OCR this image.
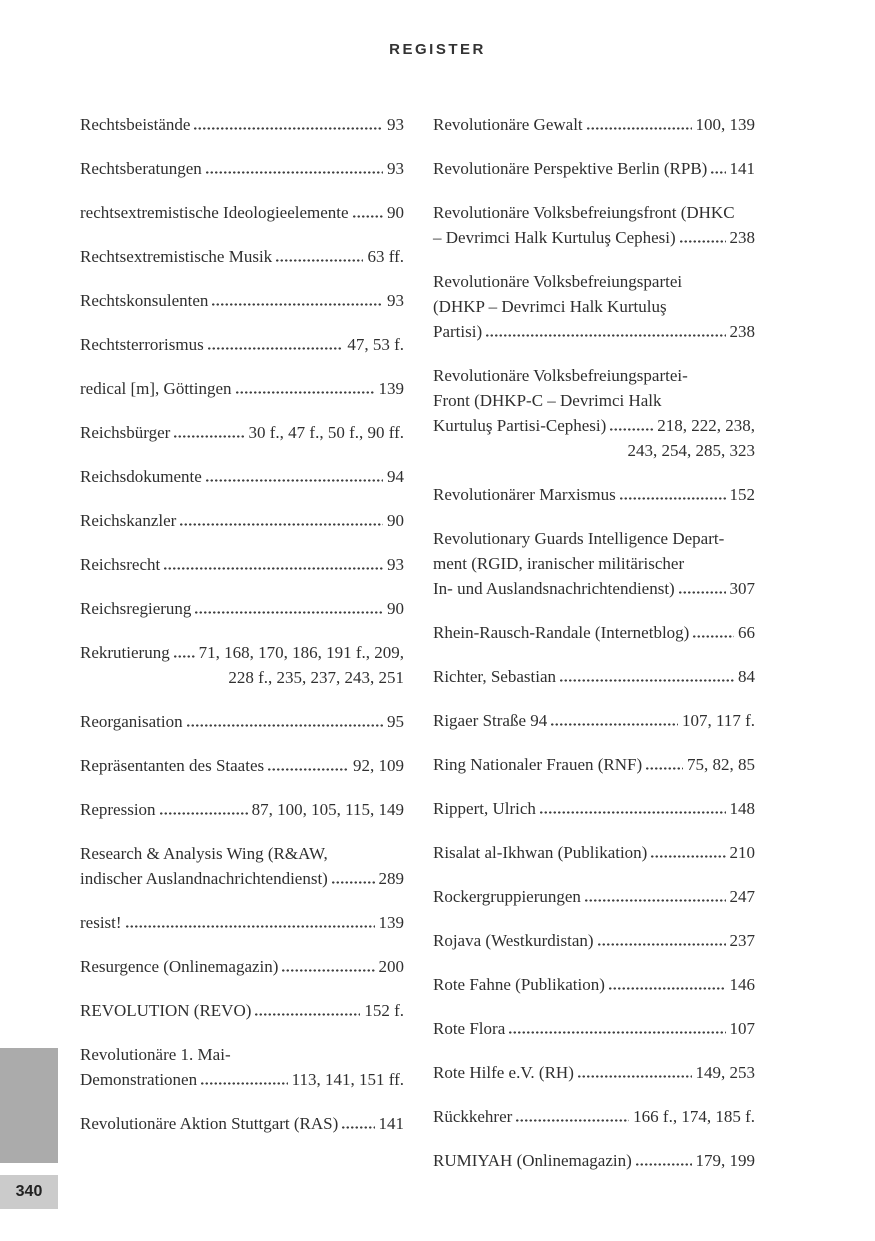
REGISTER
Rechtsbeistände	93
Rechtsberatungen	93
rechtsextremistische Ideologieelemente 90
Rechtsextremistische Musik	63 ff.
Rechtskonsulenten	93
Rechtsterrorismus	47, 53 f.
redical [m], Göttingen	139
Reichsbürger	30 f., 47 f., 50 f., 90 ff.
Reichsdokumente	94
Reichskanzler	90
Reichsrecht	93
Reichsregierung	90
Rekrutierung 71, 168, 170, 186, 191 f., 209,
228 f., 235, 237, 243, 251
Reorganisation	95
Repräsentanten des Staates	92, 109
Repression	87, 100, 105, 115, 149
Research & Analysis Wing (R&AW,
indischer Auslandnachrichtendienst)	289
resist!	139
Resurgence (Onlinemagazin)	200
REVOLUTION (REVO)	152 f.
Revolutionäre 1. Mai-
Demonstrationen	113, 141, 151 ff.
Revolutionäre Aktion Stuttgart (RAS) 141
Revolutionäre Gewalt	100, 139
Revolutionäre Perspektive Berlin (RPB) 141
Revolutionäre Volksbefreiungsfront (DHKC
– Devrimci Halk Kurtuluş Cephesi)	238
Revolutionäre Volksbefreiungspartei
(DHKP – Devrimci Halk Kurtuluş
Partisi)	238
Revolutionäre Volksbefreiungspartei-
Front (DHKP-C – Devrimci Halk
Kurtuluş Partisi-Cephesi)	218, 222, 238,
243, 254, 285, 323
Revolutionärer Marxismus	152
Revolutionary Guards Intelligence Depart-
ment (RGID, iranischer militärischer
In- und Auslandsnachrichtendienst)	307
Rhein-Rausch-Randale (Internetblog)	66
Richter, Sebastian	84
Rigaer Straße 94	107, 117 f.
Ring Nationaler Frauen (RNF)	75, 82, 85
Rippert, Ulrich	148
Risalat al-Ikhwan (Publikation)	210
Rockergruppierungen	247
Rojava (Westkurdistan)	237
Rote Fahne (Publikation)	146
Rote Flora	107
Rote Hilfe e.V. (RH)	149, 253
Rückkehrer	166 f., 174, 185 f.
RUMIYAH (Onlinemagazin)	179, 199
340
